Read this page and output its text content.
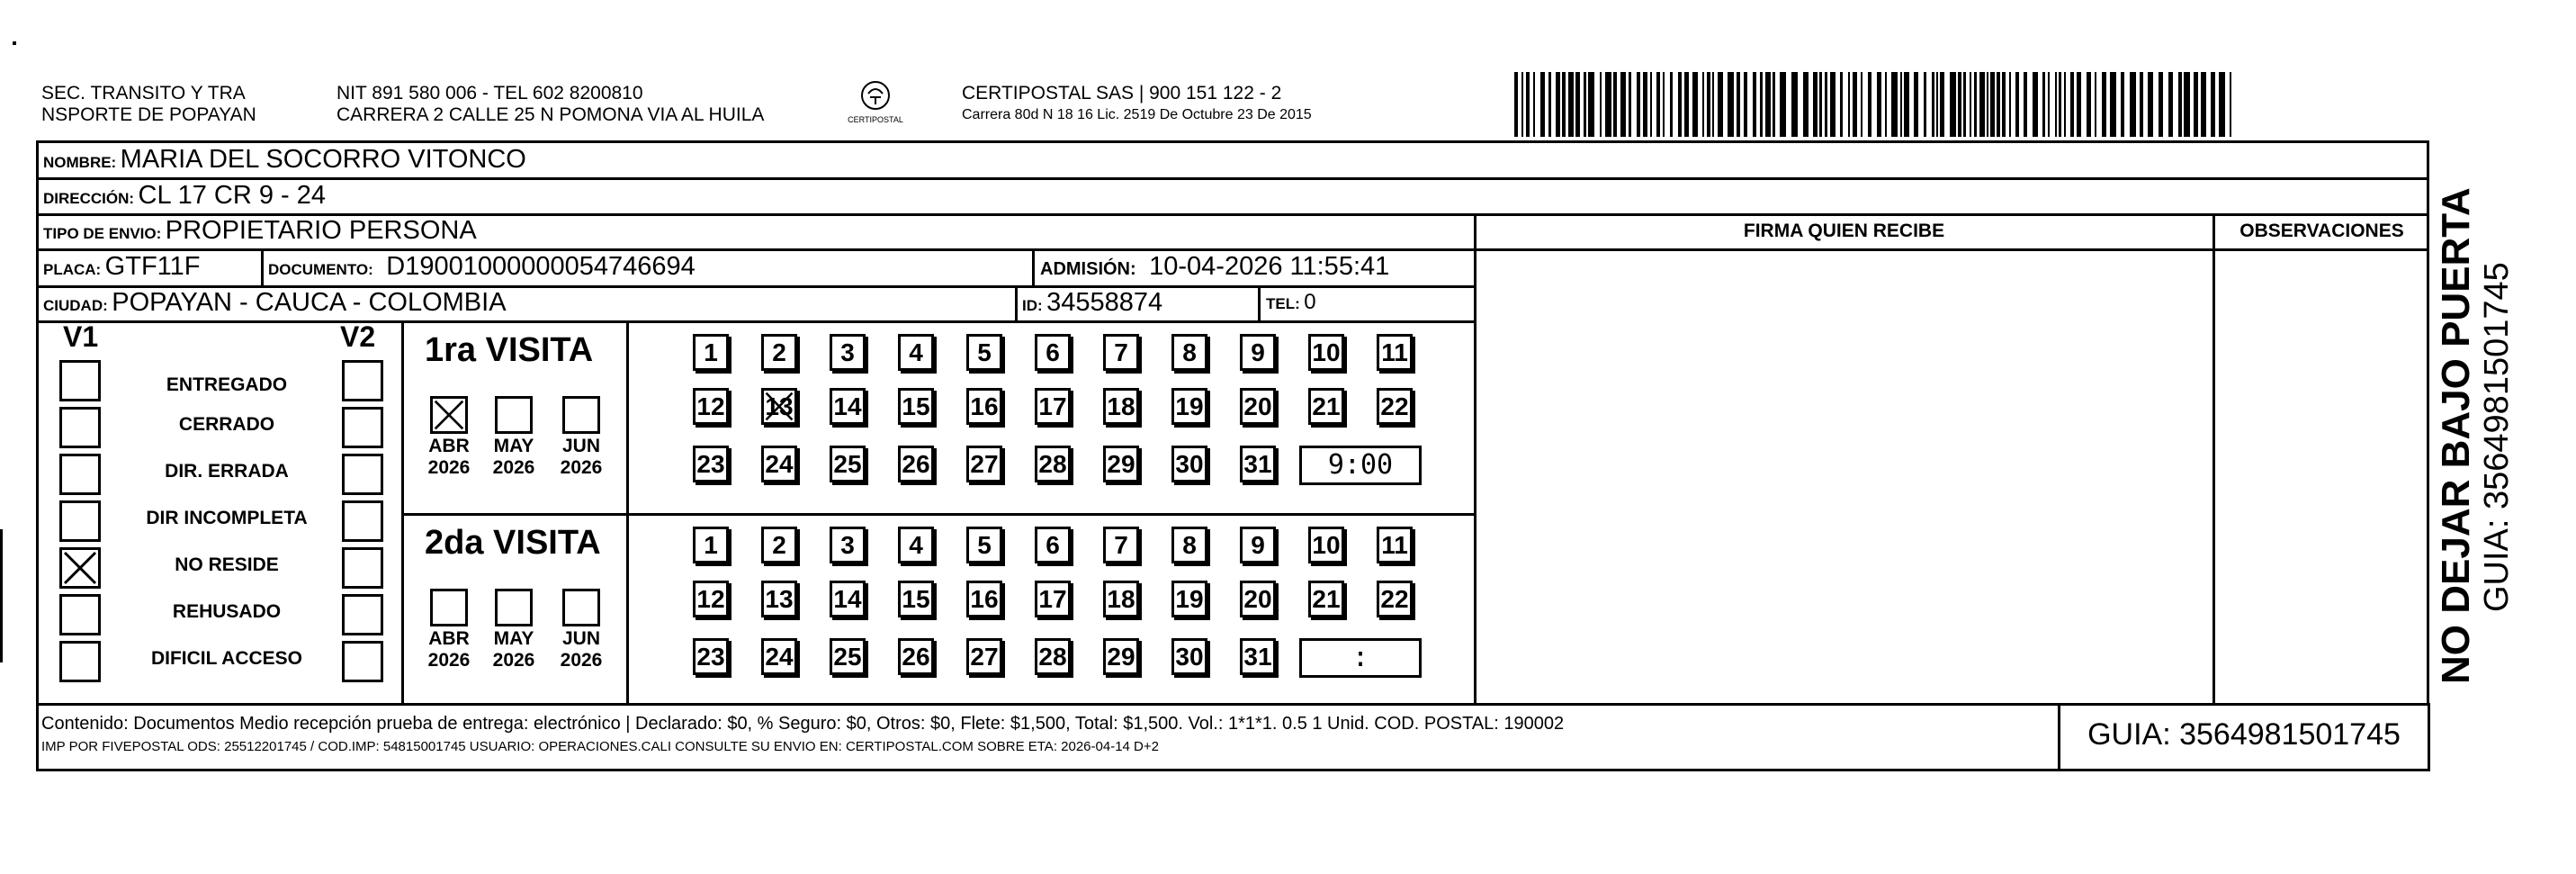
SEC. TRANSITO Y TRA
NSPORTE DE POPAYAN
NIT 891 580 006 - TEL 602 8200810
CARRERA 2 CALLE 25 N POMONA VIA AL HUILA	CERTIPOSTAL
CERTIPOSTAL SAS | 900 151 122 - 2
Carrera 80d N 18 16 Lic. 2519 De Octubre 23 De 2015
NOMBRE: MARIA DEL SOCORRO VITONCO
DIRECCIÓN: CL 17 CR 9 - 24
TIPO DE ENVIO: PROPIETARIO PERSONA	FIRMA QUIEN RECIBE	OBSERVACIONES
PLACA: GTF11F	DOCUMENTO: D19001000000054746694	ADMISIÓN: 10-04-2026 11:55:41
CIUDAD: POPAYAN - CAUCA - COLOMBIA	ID: 34558874	TEL: 0
V1	V2
ENTREGADO
CERRADO
DIR. ERRADA
DIR INCOMPLETA
NO RESIDE
REHUSADO
DIFICIL ACCESO
1ra VISITA
ABR
2026
MAY
2026
JUN
2026
1	2	3	4	5	6	7	8	9	10 11
12 13 14 15 16 17 18 19 20 21 22
23 24 25 26 27 28 29 30 31	9:00
2da VISITA
ABR
2026
MAY
2026
JUN
2026
1	2	3	4	5	6	7	8	9	10 11
12 13 14 15 16 17 18 19 20 21 22
23 24 25 26 27 28 29 30 31	:
Contenido: Documentos Medio recepción prueba de entrega: electrónico | Declarado: $0, % Seguro: $0, Otros: $0, Flete: $1,500, Total: $1,500. Vol.: 1*1*1. 0.5 1 Unid. COD. POSTAL: 190002
IMP POR FIVEPOSTAL ODS: 25512201745 / COD.IMP: 54815001745 USUARIO: OPERACIONES.CALI CONSULTE SU ENVIO EN: CERTIPOSTAL.COM SOBRE ETA: 2026-04-14 D+2	GUIA: 3564981501745
NO DEJAR BAJO PUERTA GUIA: 3564981501745
